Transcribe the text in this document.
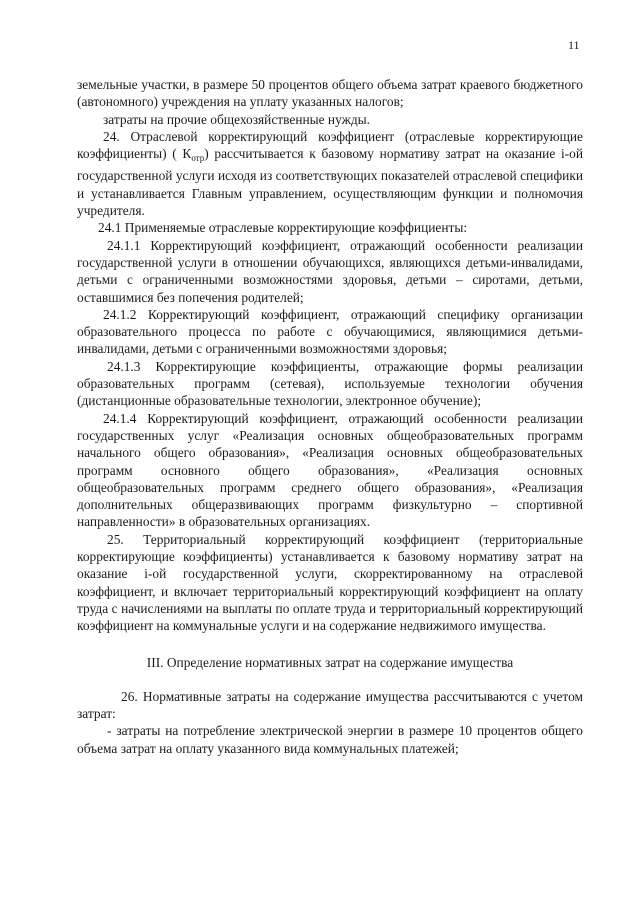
11

земельные участки, в размере 50 процентов общего объема затрат краевого бюджетного (автономного) учреждения на уплату указанных налогов;

затраты на прочие общехозяйственные нужды.

24. Отраслевой корректирующий коэффициент (отраслевые корректирующие коэффициенты) ( $К_{отр}$) рассчитывается к базовому нормативу затрат на оказание i-ой государственной услуги исходя из соответствующих показателей отраслевой специфики и устанавливается Главным управлением, осуществляющим функции и полномочия учредителя.

24.1 Применяемые отраслевые корректирующие коэффициенты:

24.1.1 Корректирующий коэффициент, отражающий особенности реализации государственной услуги в отношении обучающихся, являющихся детьми-инвалидами, детьми с ограниченными возможностями здоровья, детьми – сиротами, детьми, оставшимися без попечения родителей;

24.1.2 Корректирующий коэффициент, отражающий специфику организации образовательного процесса по работе с обучающимися, являющимися детьми-инвалидами, детьми с ограниченными возможностями здоровья;

24.1.3 Корректирующие коэффициенты, отражающие формы реализации образовательных программ (сетевая), используемые технологии обучения (дистанционные образовательные технологии, электронное обучение);

24.1.4 Корректирующий коэффициент, отражающий особенности реализации государственных услуг «Реализация основных общеобразовательных программ начального общего образования», «Реализация основных общеобразовательных программ основного общего образования», «Реализация основных общеобразовательных программ среднего общего образования», «Реализация дополнительных общеразвивающих программ физкультурно – спортивной направленности» в образовательных организациях.

25. Территориальный корректирующий коэффициент (территориальные корректирующие коэффициенты) устанавливается к базовому нормативу затрат на оказание i-ой государственной услуги, скорректированному на отраслевой коэффициент, и включает территориальный корректирующий коэффициент на оплату труда с начислениями на выплаты по оплате труда и территориальный корректирующий коэффициент на коммунальные услуги и на содержание недвижимого имущества.

III. Определение нормативных затрат на содержание имущества

26. Нормативные затраты на содержание имущества рассчитываются с учетом затрат:

- затраты на потребление электрической энергии в размере 10 процентов общего объема затрат на оплату указанного вида коммунальных платежей;
